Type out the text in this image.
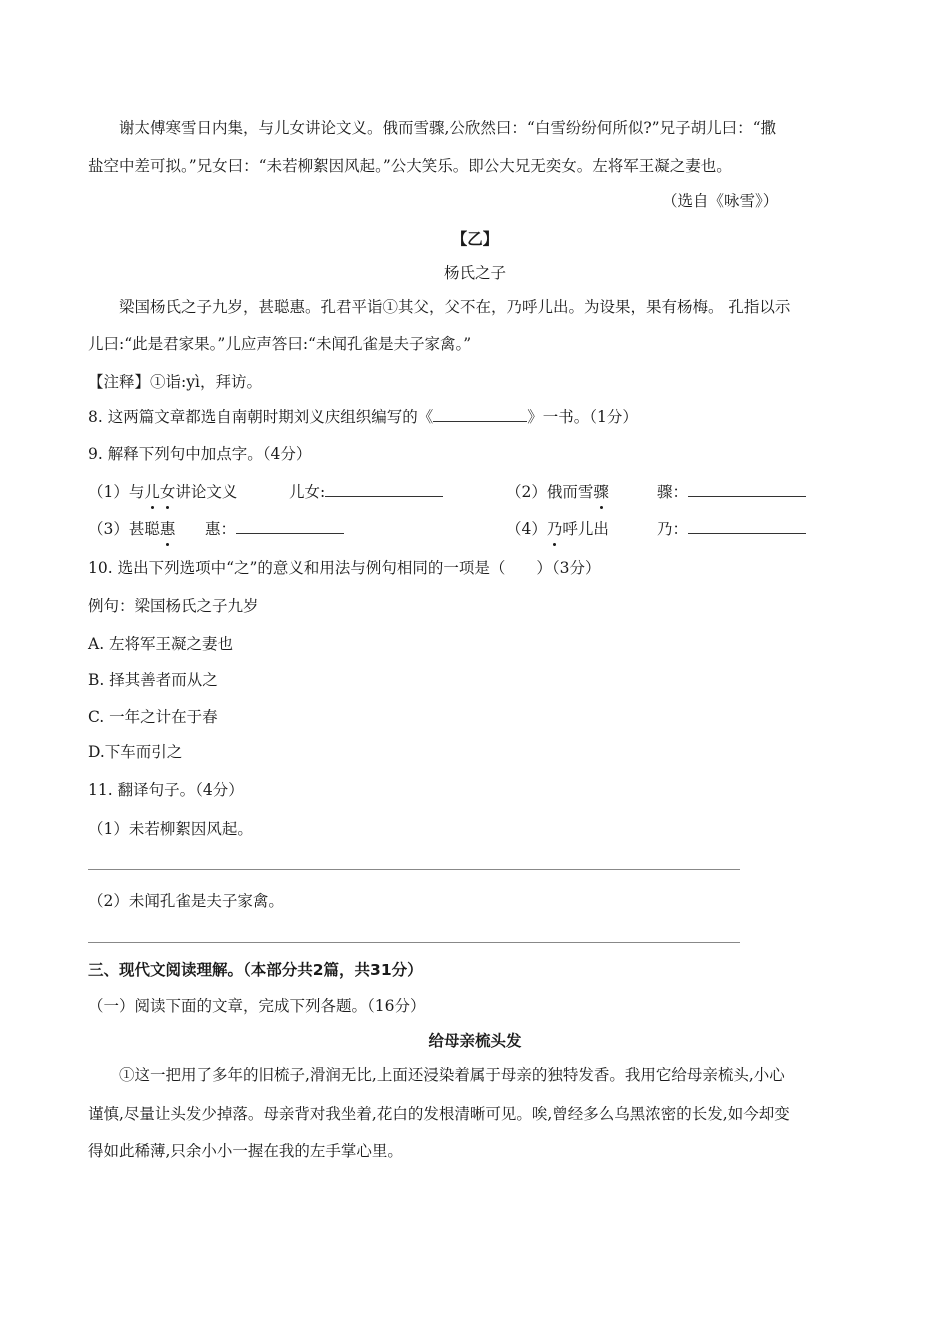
谢太傅寒雪日内集，与儿女讲论文义。俄而雪骤,公欣然曰：“白雪纷纷何所似?”兄子胡儿曰：“撒
盐空中差可拟。”兄女曰：“未若柳絮因风起。”公大笑乐。即公大兄无奕女。左将军王凝之妻也。
（选自《咏雪》）
【乙】
杨氏之子
梁国杨氏之子九岁，甚聪惠。孔君平诣①其父，父不在，乃呼儿出。为设果，果有杨梅。 孔指以示
儿曰:“此是君家果。”儿应声答曰:“未闻孔雀是夫子家禽。”
【注释】①诣:yì，拜访。
8. 这两篇文章都选自南朝时期刘义庆组织编写的《	》一书。（1分）
9. 解释下列句中加点字。（4分）
（1）与儿女讲论文义	儿女:	（2）俄而雪骤	骤：
（3）甚聪惠 惠：	（4）乃呼儿出	乃：
10. 选出下列选项中“之”的意义和用法与例句相同的一项是（　　）（3分）
例句：梁国杨氏之子九岁
A. 左将军王凝之妻也
B. 择其善者而从之
C. 一年之计在于春
D.下车而引之
11. 翻译句子。（4分）
（1）未若柳絮因风起。
（2）未闻孔雀是夫子家禽。
三、现代文阅读理解。（本部分共2篇，共31分）
（一）阅读下面的文章，完成下列各题。（16分）
给母亲梳头发
①这一把用了多年的旧梳子,滑润无比,上面还浸染着属于母亲的独特发香。我用它给母亲梳头,小心
谨慎,尽量让头发少掉落。母亲背对我坐着,花白的发根清晰可见。唉,曾经多么乌黑浓密的长发,如今却变
得如此稀薄,只余小小一握在我的左手掌心里。
